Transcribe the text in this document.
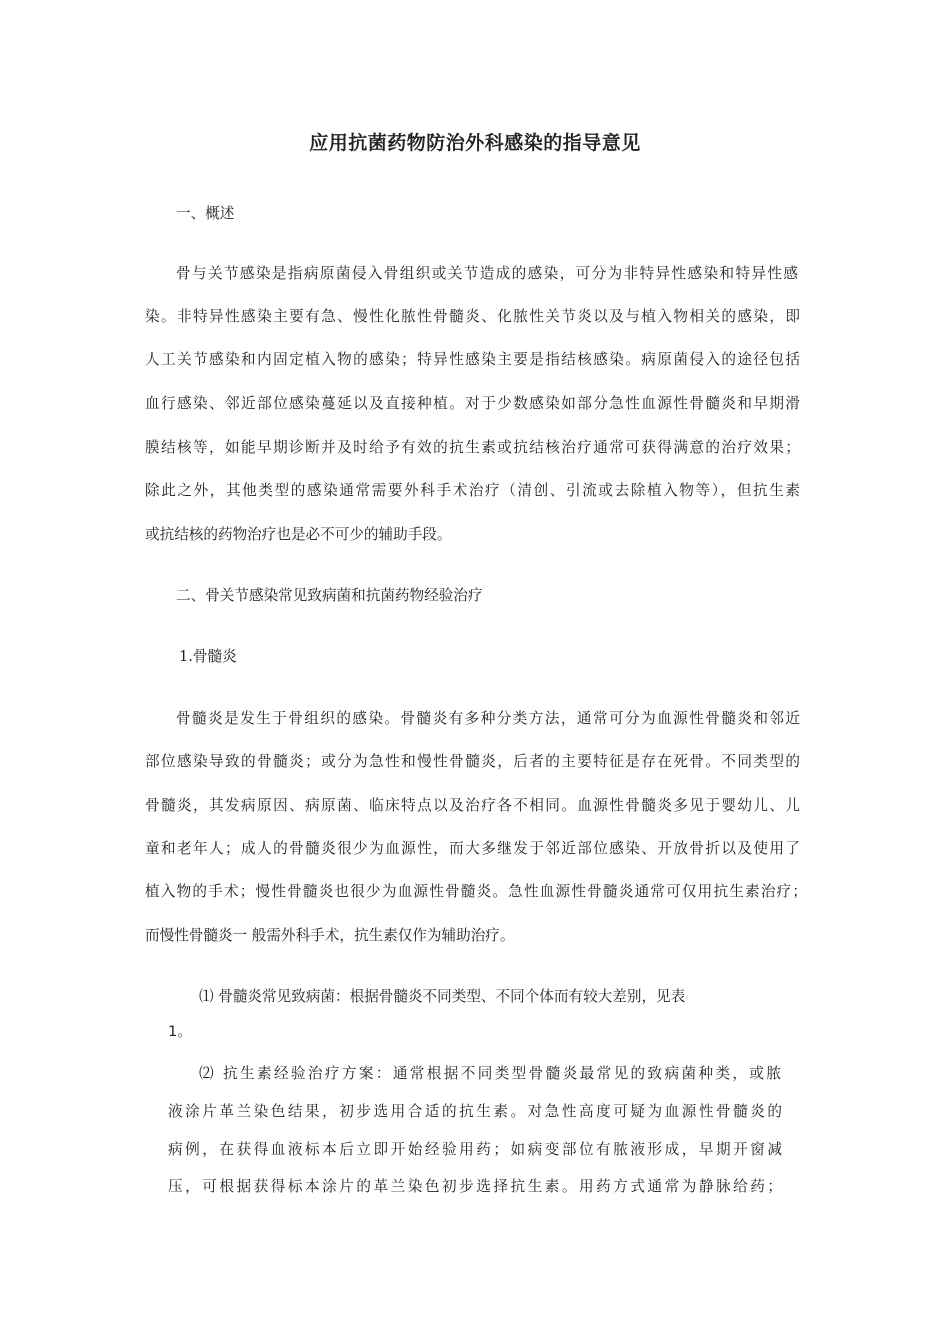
应用抗菌药物防治外科感染的指导意见
一、概述
骨与关节感染是指病原菌侵入骨组织或关节造成的感染，可分为非特异性感染和特异性感
染。非特异性感染主要有急、慢性化脓性骨髓炎、化脓性关节炎以及与植入物相关的感染，即
人工关节感染和内固定植入物的感染；特异性感染主要是指结核感染。病原菌侵入的途径包括
血行感染、邻近部位感染蔓延以及直接种植。对于少数感染如部分急性血源性骨髓炎和早期滑
膜结核等，如能早期诊断并及时给予有效的抗生素或抗结核治疗通常可获得满意的治疗效果；
除此之外，其他类型的感染通常需要外科手术治疗（清创、引流或去除植入物等），但抗生素
或抗结核的药物治疗也是必不可少的辅助手段。
二、骨关节感染常见致病菌和抗菌药物经验治疗
1.骨髓炎
骨髓炎是发生于骨组织的感染。骨髓炎有多种分类方法，通常可分为血源性骨髓炎和邻近
部位感染导致的骨髓炎；或分为急性和慢性骨髓炎，后者的主要特征是存在死骨。不同类型的
骨髓炎，其发病原因、病原菌、临床特点以及治疗各不相同。血源性骨髓炎多见于婴幼儿、儿
童和老年人；成人的骨髓炎很少为血源性，而大多继发于邻近部位感染、开放骨折以及使用了
植入物的手术；慢性骨髓炎也很少为血源性骨髓炎。急性血源性骨髓炎通常可仅用抗生素治疗；
而慢性骨髓炎一 般需外科手术，抗生素仅作为辅助治疗。
⑴ 骨髓炎常见致病菌：根据骨髓炎不同类型、不同个体而有较大差别，见表
1。
⑵ 抗生素经验治疗方案：通常根据不同类型骨髓炎最常见的致病菌种类，或脓
液涂片革兰染色结果，初步选用合适的抗生素。对急性高度可疑为血源性骨髓炎的
病例，在获得血液标本后立即开始经验用药；如病变部位有脓液形成，早期开窗减
压，可根据获得标本涂片的革兰染色初步选择抗生素。用药方式通常为静脉给药；
